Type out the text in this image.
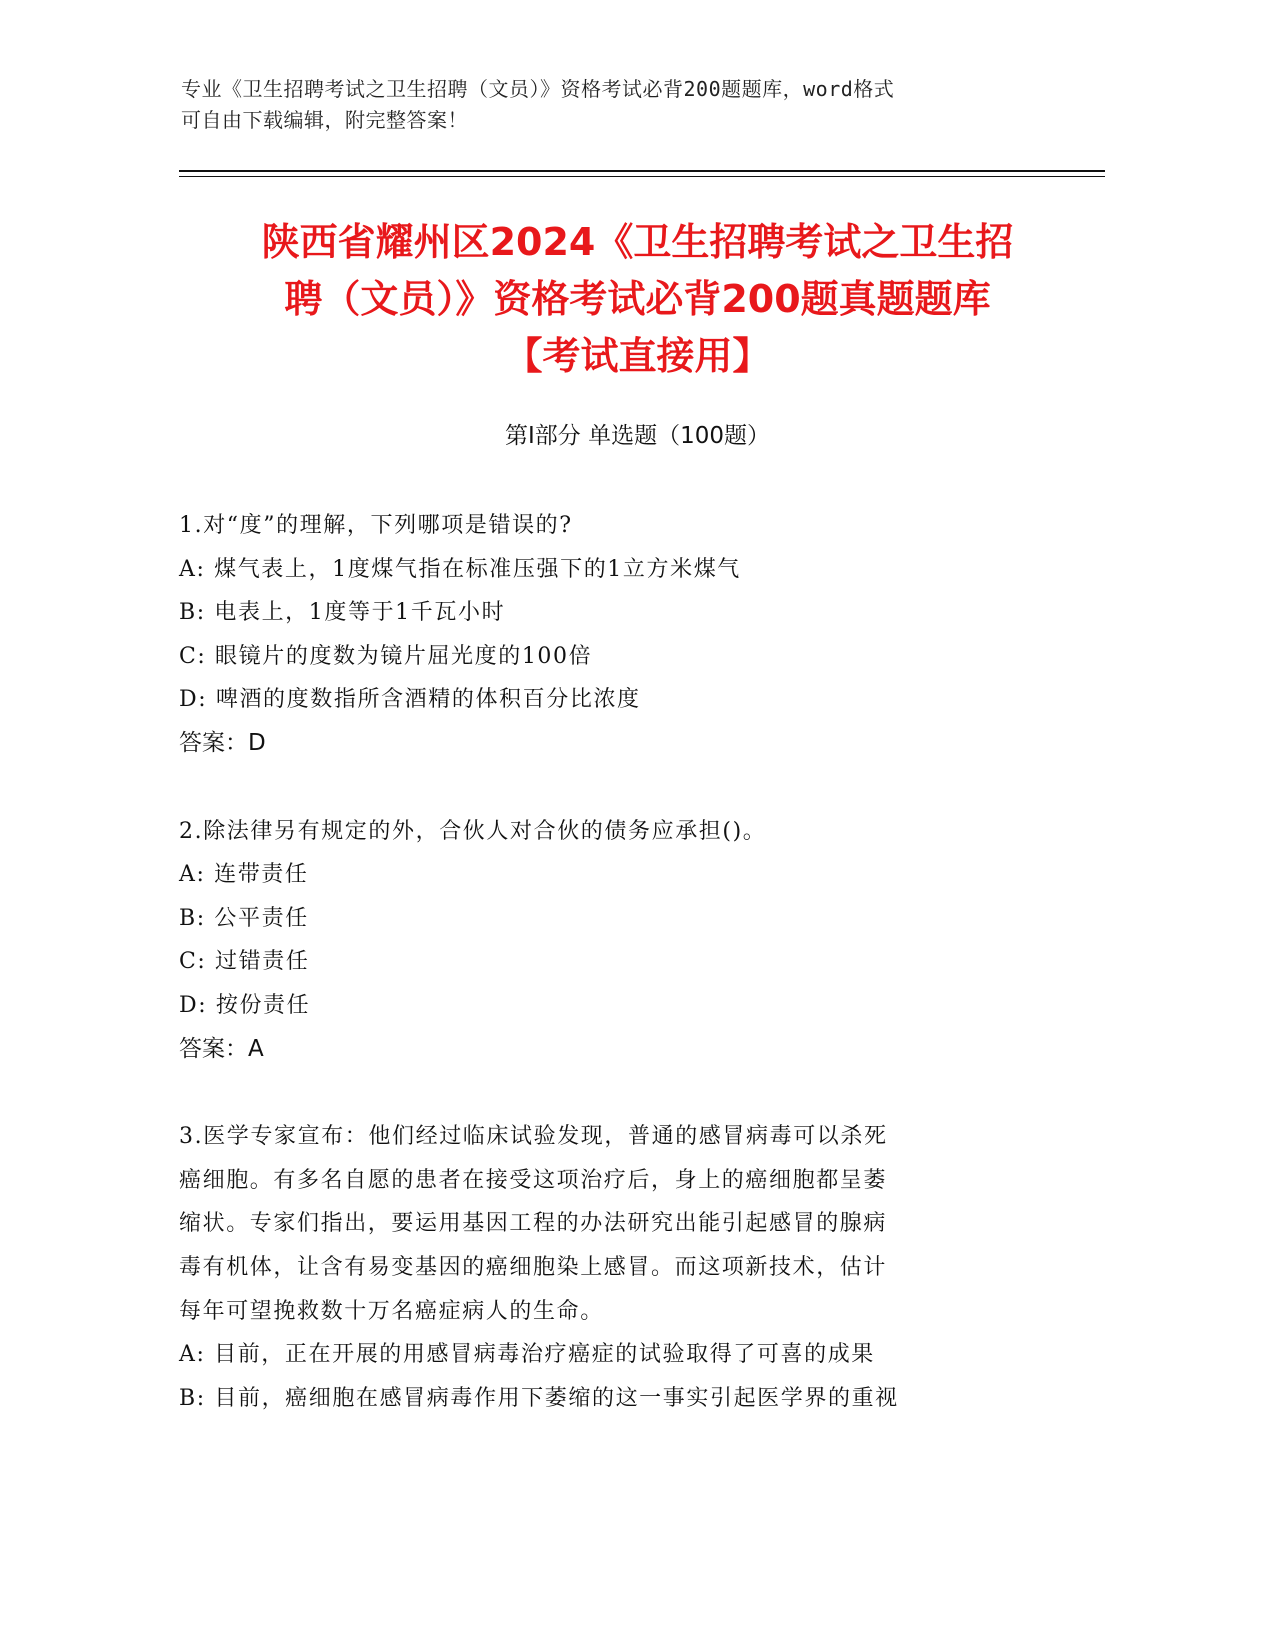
专业《卫生招聘考试之卫生招聘（文员）》资格考试必背200题题库，word格式
可自由下载编辑，附完整答案！
陕西省耀州区2024《卫生招聘考试之卫生招
聘（文员）》资格考试必背200题真题题库
【考试直接用】
第I部分 单选题（100题）
1.对“度”的理解，下列哪项是错误的?
A: 煤气表上，1度煤气指在标准压强下的1立方米煤气
B: 电表上，1度等于1千瓦小时
C: 眼镜片的度数为镜片屈光度的100倍
D: 啤酒的度数指所含酒精的体积百分比浓度
答案：D
2.除法律另有规定的外，合伙人对合伙的债务应承担()。
A: 连带责任
B: 公平责任
C: 过错责任
D: 按份责任
答案：A
3.医学专家宣布：他们经过临床试验发现，普通的感冒病毒可以杀死
癌细胞。有多名自愿的患者在接受这项治疗后，身上的癌细胞都呈萎
缩状。专家们指出，要运用基因工程的办法研究出能引起感冒的腺病
毒有机体，让含有易变基因的癌细胞染上感冒。而这项新技术，估计
每年可望挽救数十万名癌症病人的生命。
A: 目前，正在开展的用感冒病毒治疗癌症的试验取得了可喜的成果
B: 目前，癌细胞在感冒病毒作用下萎缩的这一事实引起医学界的重视
